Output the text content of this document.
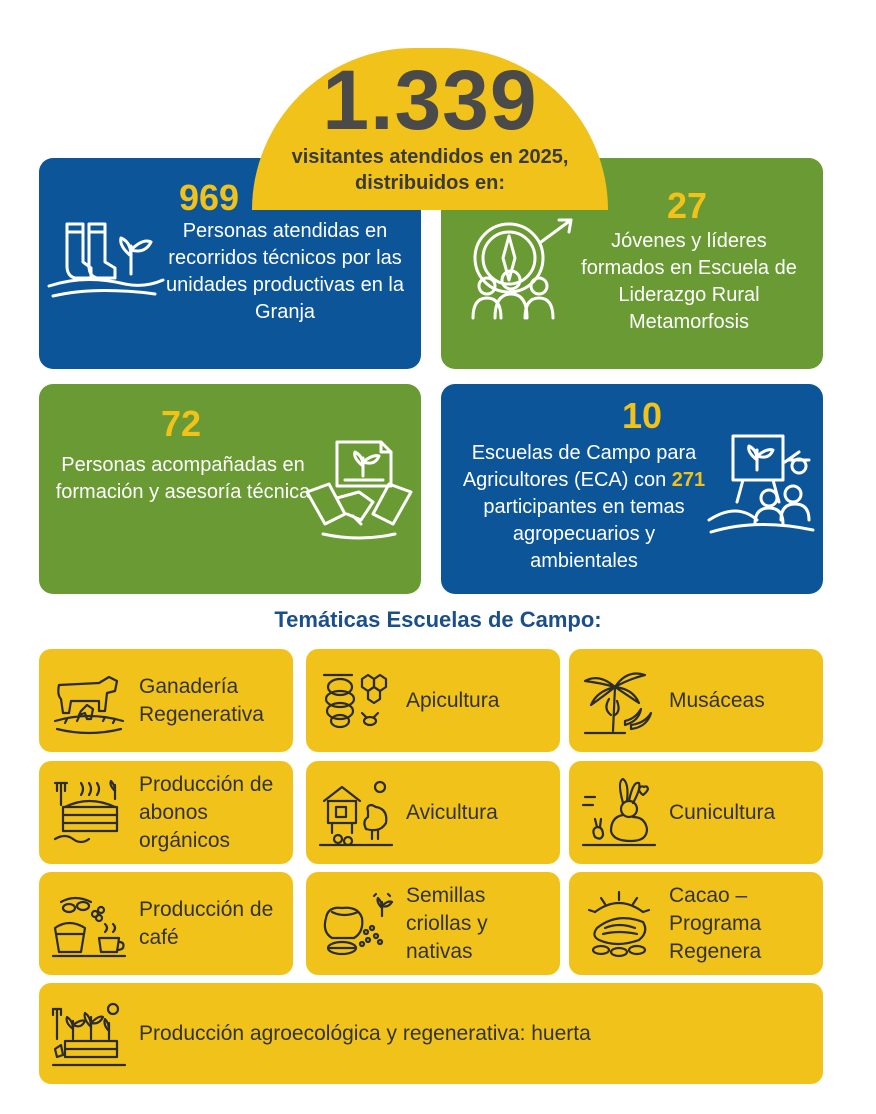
1.339
visitantes atendidos en 2025, distribuidos en:
969
Personas atendidas en recorridos técnicos por las unidades productivas en la Granja
27
Jóvenes y líderes formados en Escuela de Liderazgo Rural Metamorfosis
72
Personas acompañadas en formación y asesoría técnica
10
Escuelas de Campo para Agricultores (ECA) con 271 participantes en temas agropecuarios y ambientales
Temáticas Escuelas de Campo:
Ganadería Regenerativa
Apicultura	Musáceas
Producción de abonos orgánicos
Avicultura	Cunicultura
Producción de café
Semillas criollas y nativas
Cacao – Programa Regenera
Producción agroecológica y regenerativa: huerta
